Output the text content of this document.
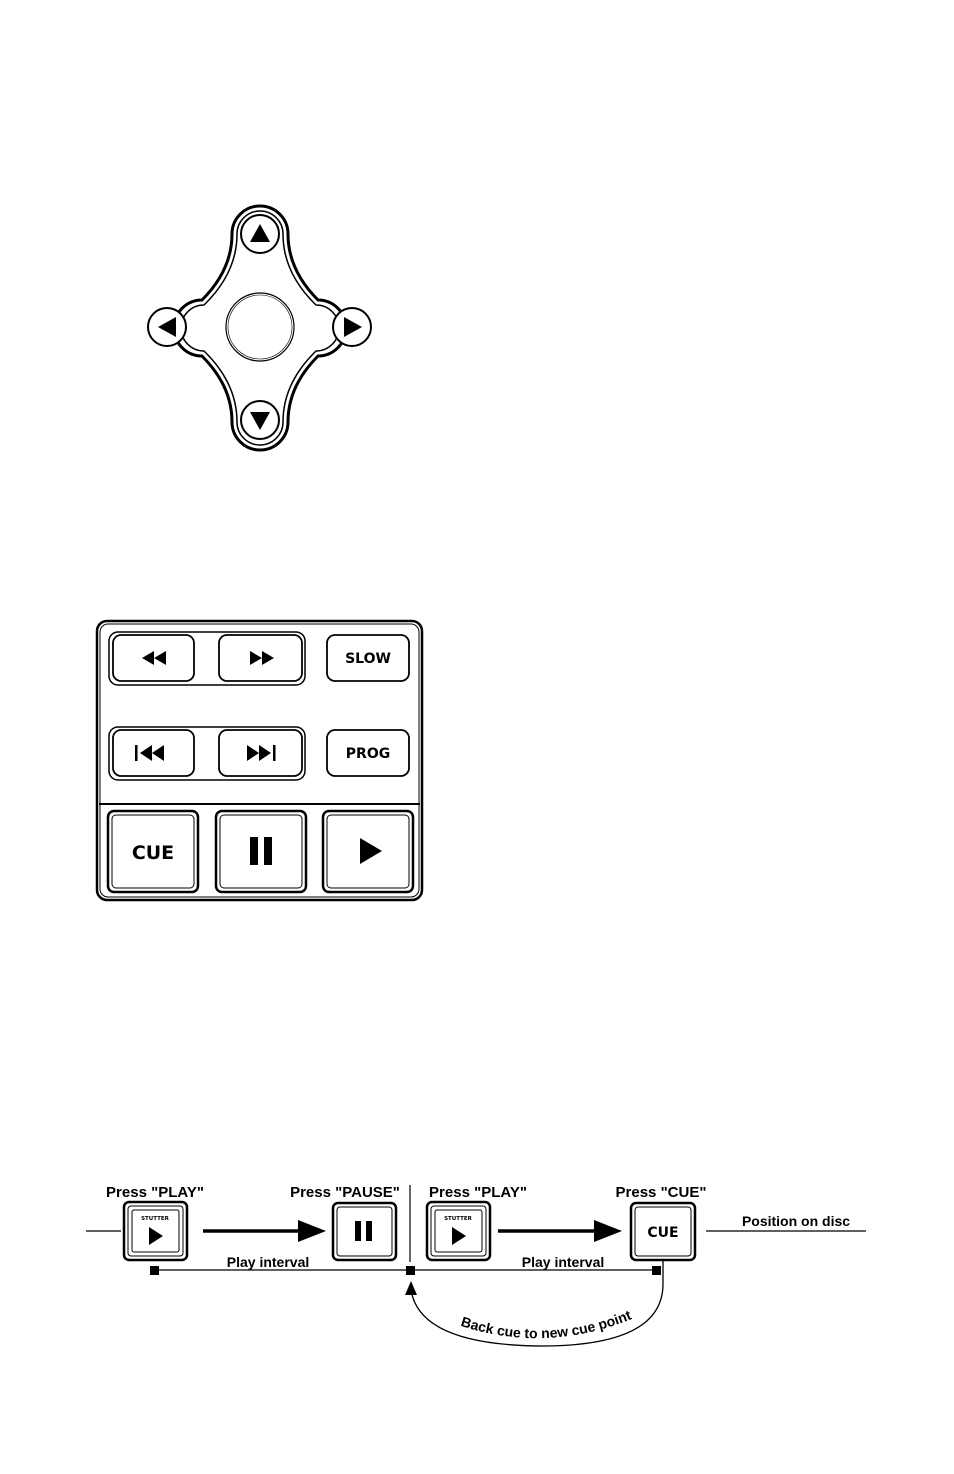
SLOW
PROG
CUE
Press "PLAY"	Press "PAUSE" Press "PLAY"	Press "CUE"
STUTTER	STUTTER
CUE
Position on disc
Play interval	Play interval
Back cue to new cue point
